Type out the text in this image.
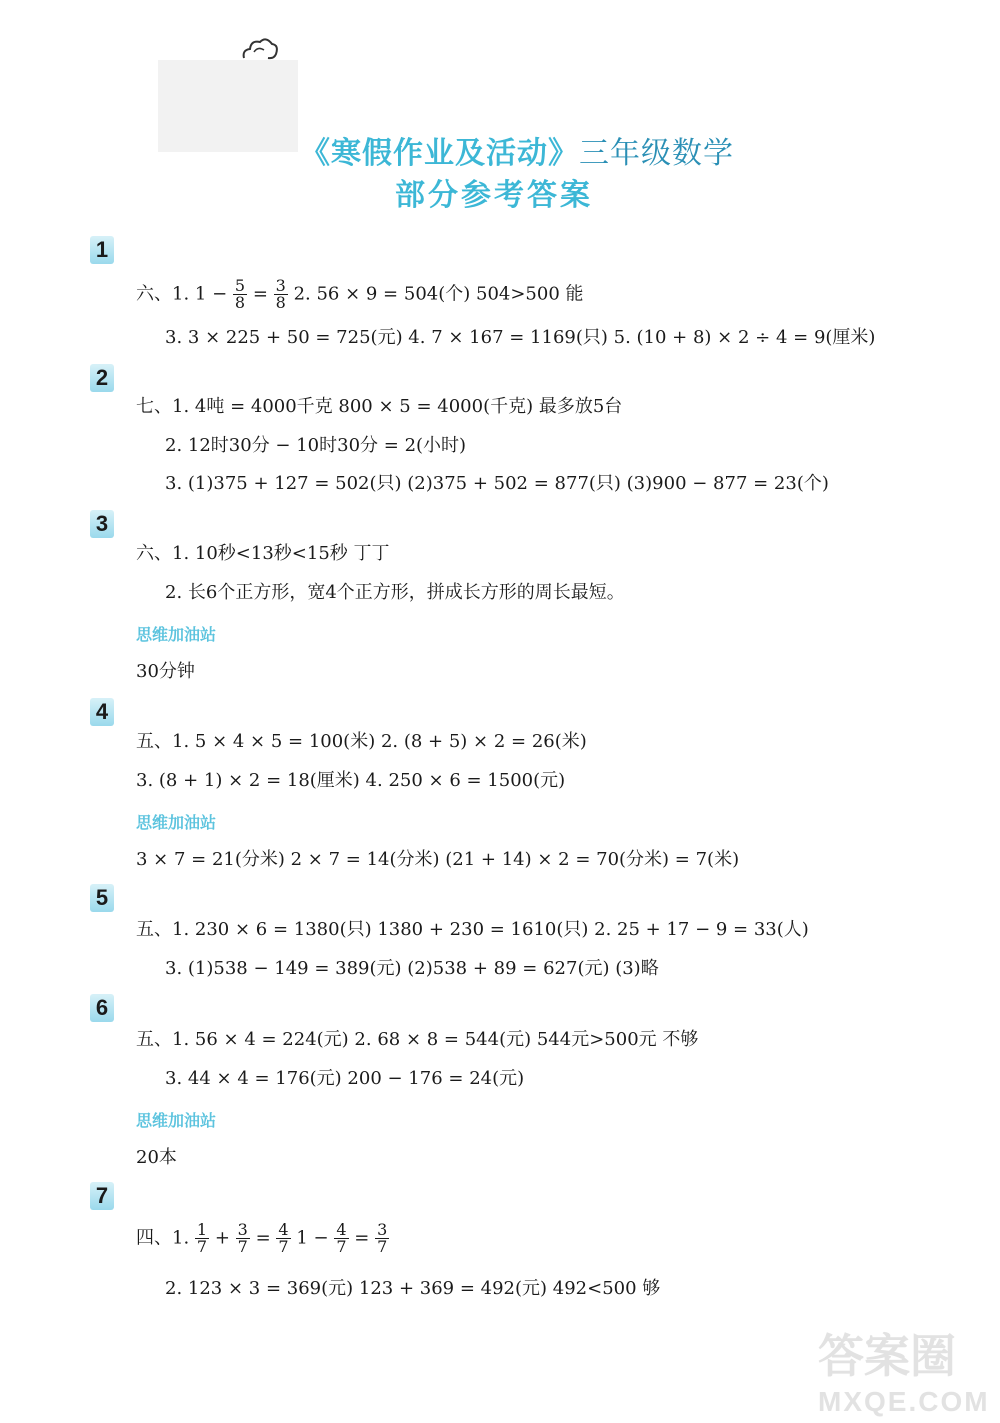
《寒假作业及活动》三年级数学
部分参考答案
1
六、1. $1 - \frac{5}{8} = \frac{3}{8} 2$. 56 × 9 = 504(个) 504>500 能
3. 3 × 225 + 50 = 725(元) 4. 7 × 167 = 1169(只) 5. (10 + 8) × 2 ÷ 4 = 9(厘米)
2
七、1. 4吨 = 4000千克 800 × 5 = 4000(千克) 最多放5台
2. 12时30分 − 10时30分 = 2(小时)
3. (1)375 + 127 = 502(只) (2)375 + 502 = 877(只) (3)900 − 877 = 23(个)
3
六、1. 10秒<13秒<15秒 丁丁
2. 长6个正方形，宽4个正方形，拼成长方形的周长最短。
思维加油站
30分钟
4
五、1. 5 × 4 × 5 = 100(米) 2. (8 + 5) × 2 = 26(米)
3. (8 + 1) × 2 = 18(厘米) 4. 250 × 6 = 1500(元)
思维加油站
3 × 7 = 21(分米) 2 × 7 = 14(分米) (21 + 14) × 2 = 70(分米) = 7(米)
5
五、1. 230 × 6 = 1380(只) 1380 + 230 = 1610(只) 2. 25 + 17 − 9 = 33(人)
3. (1)538 − 149 = 389(元) (2)538 + 89 = 627(元) (3)略
6
五、1. 56 × 4 = 224(元) 2. 68 × 8 = 544(元) 544元>500元 不够
3. 44 × 4 = 176(元) 200 − 176 = 24(元)
思维加油站
20本
7
四、1. $\frac{1}{7} + \frac{3}{7} = \frac{4}{7} 1 - \frac{4}{7} = \frac{3}{7}$
2. 123 × 3 = 369(元) 123 + 369 = 492(元) 492<500 够
答案圈
MXQE.COM
